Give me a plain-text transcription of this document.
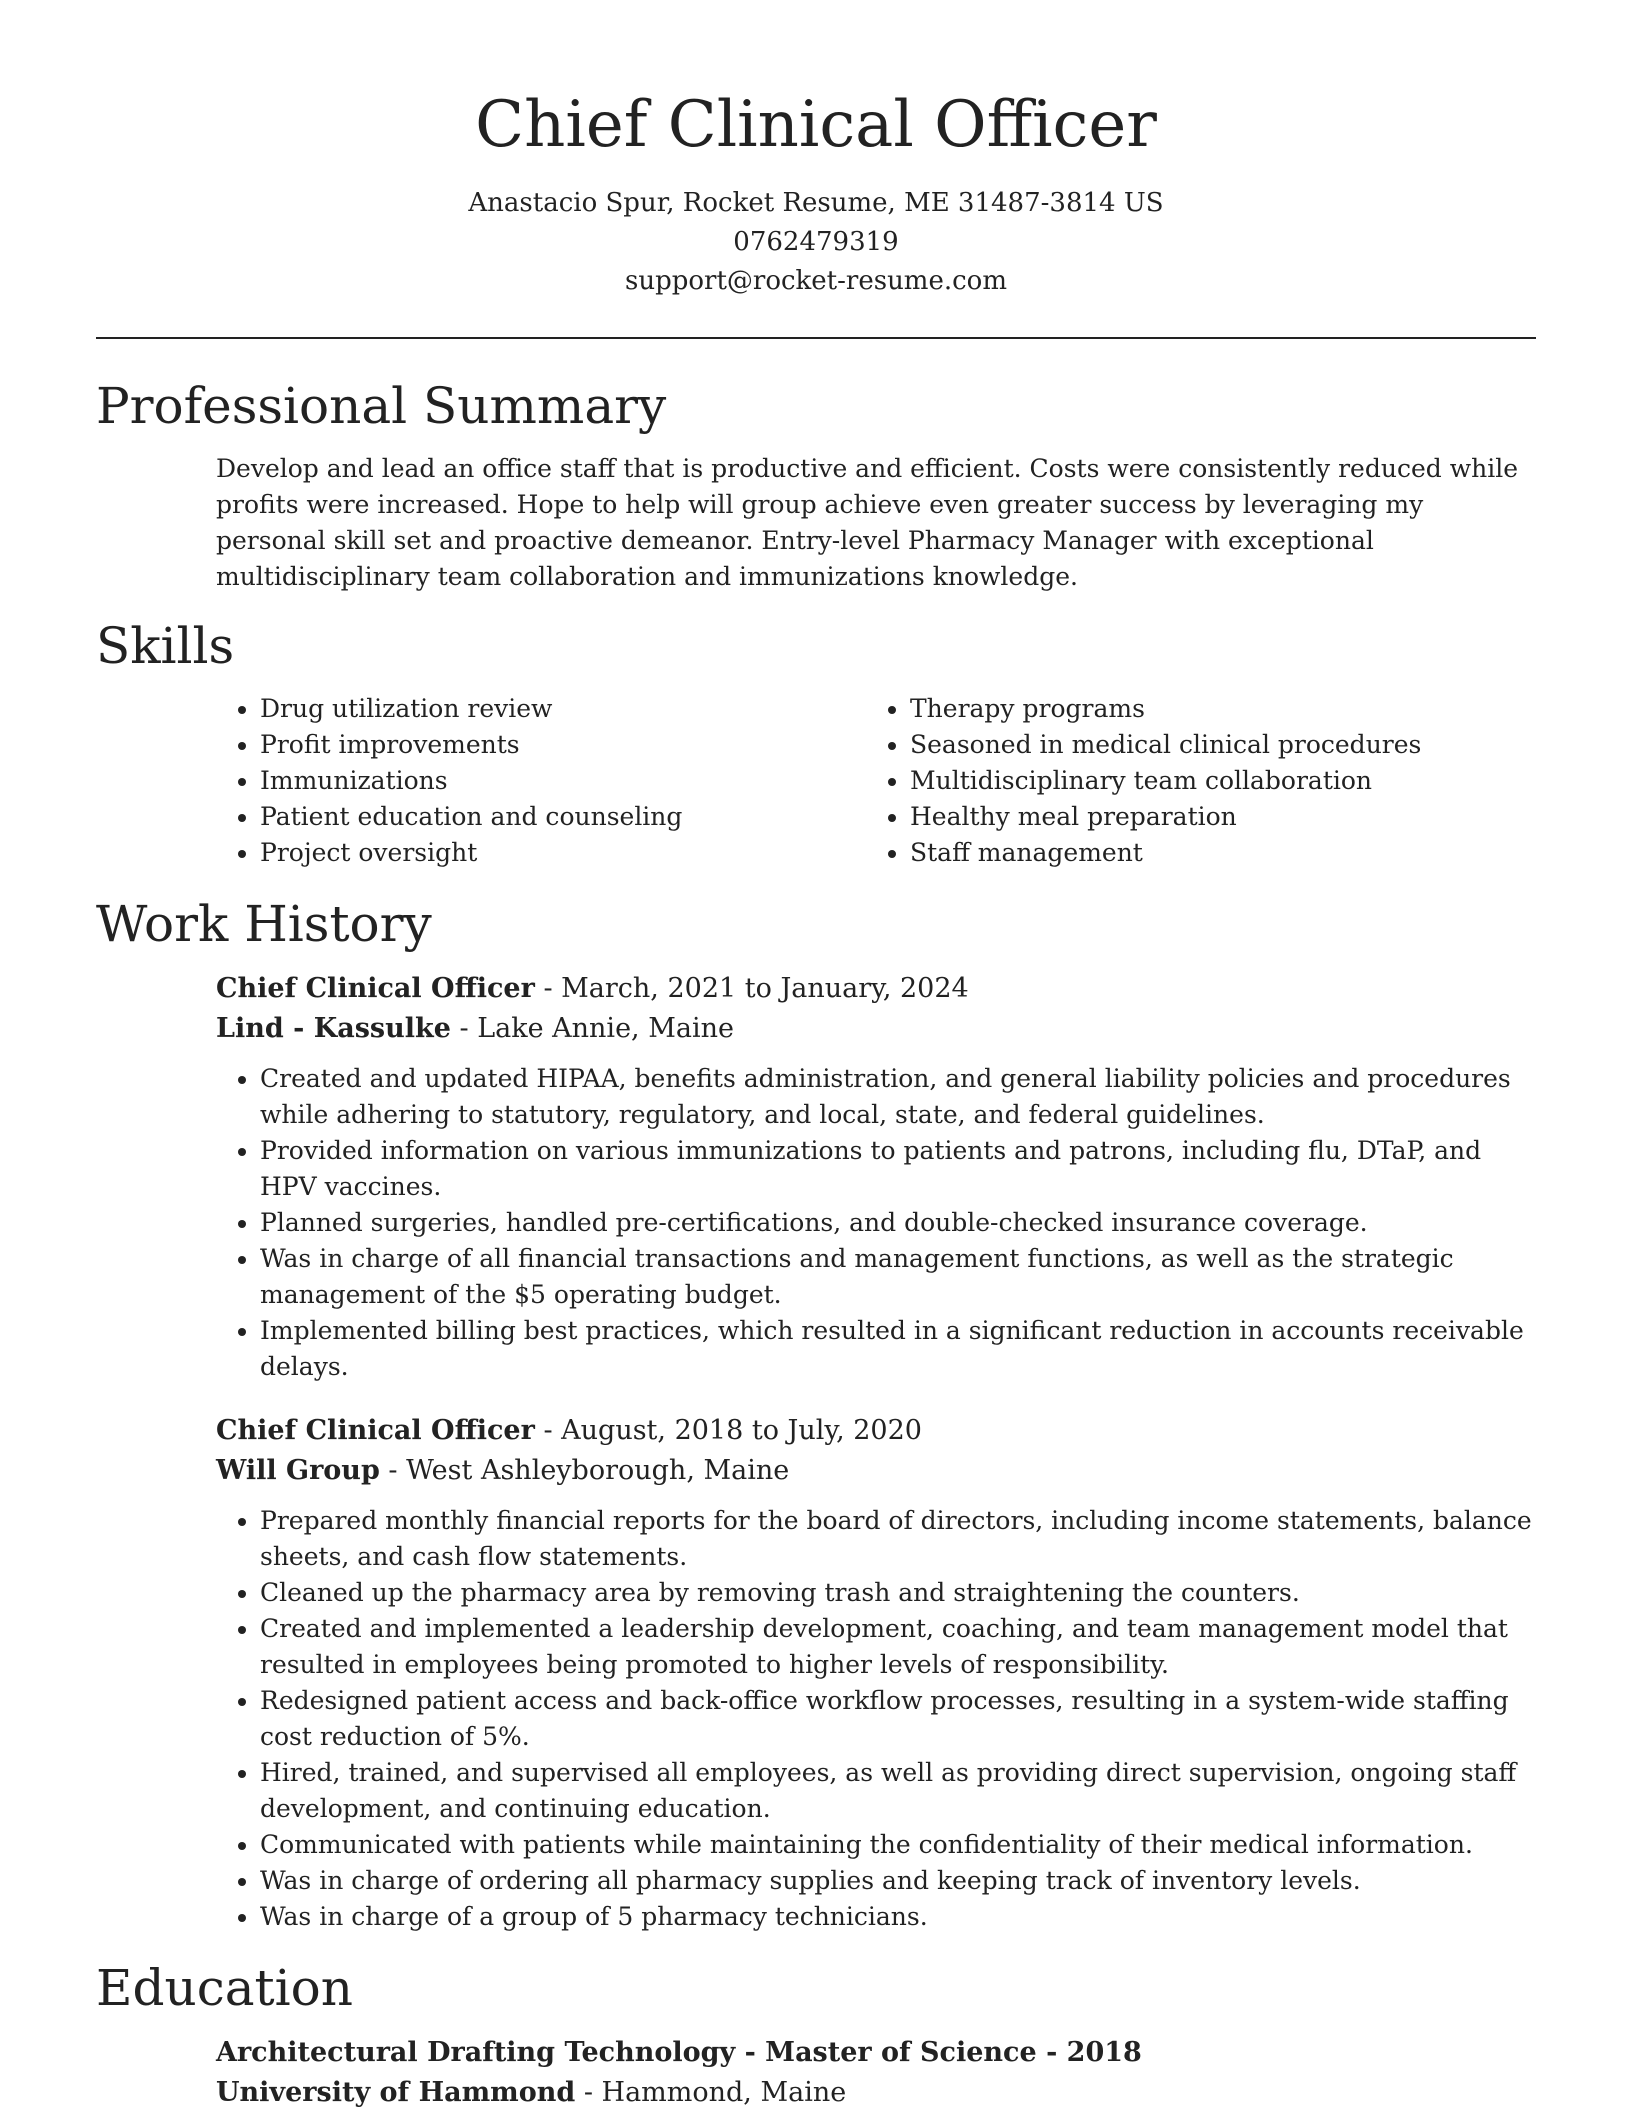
Chief Clinical Officer
Anastacio Spur, Rocket Resume, ME 31487-3814 US
0762479319
support@rocket-resume.com
Professional Summary

Develop and lead an office staff that is productive and efficient. Costs were consistently reduced while profits were increased. Hope to help will group achieve even greater success by leveraging my personal skill set and proactive demeanor. Entry-level Pharmacy Manager with exceptional multidisciplinary team collaboration and immunizations knowledge.

Skills
• Drug utilization review
• Profit improvements
• Immunizations
• Patient education and counseling
• Project oversight
• Therapy programs
• Seasoned in medical clinical procedures
• Multidisciplinary team collaboration
• Healthy meal preparation
• Staff management
Work History
Chief Clinical Officer - March, 2021 to January, 2024
Lind - Kassulke - Lake Annie, Maine
• Created and updated HIPAA, benefits administration, and general liability policies and procedures while adhering to statutory, regulatory, and local, state, and federal guidelines.
• Provided information on various immunizations to patients and patrons, including flu, DTaP, and HPV vaccines.
• Planned surgeries, handled pre-certifications, and double-checked insurance coverage.
• Was in charge of all financial transactions and management functions, as well as the strategic management of the $5 operating budget.
• Implemented billing best practices, which resulted in a significant reduction in accounts receivable delays.
Chief Clinical Officer - August, 2018 to July, 2020
Will Group - West Ashleyborough, Maine
• Prepared monthly financial reports for the board of directors, including income statements, balance sheets, and cash flow statements.
• Cleaned up the pharmacy area by removing trash and straightening the counters.
• Created and implemented a leadership development, coaching, and team management model that resulted in employees being promoted to higher levels of responsibility.
• Redesigned patient access and back-office workflow processes, resulting in a system-wide staffing cost reduction of 5%.
• Hired, trained, and supervised all employees, as well as providing direct supervision, ongoing staff development, and continuing education.
• Communicated with patients while maintaining the confidentiality of their medical information.
• Was in charge of ordering all pharmacy supplies and keeping track of inventory levels.
• Was in charge of a group of 5 pharmacy technicians.
Education
Architectural Drafting Technology - Master of Science - 2018
University of Hammond - Hammond, Maine
